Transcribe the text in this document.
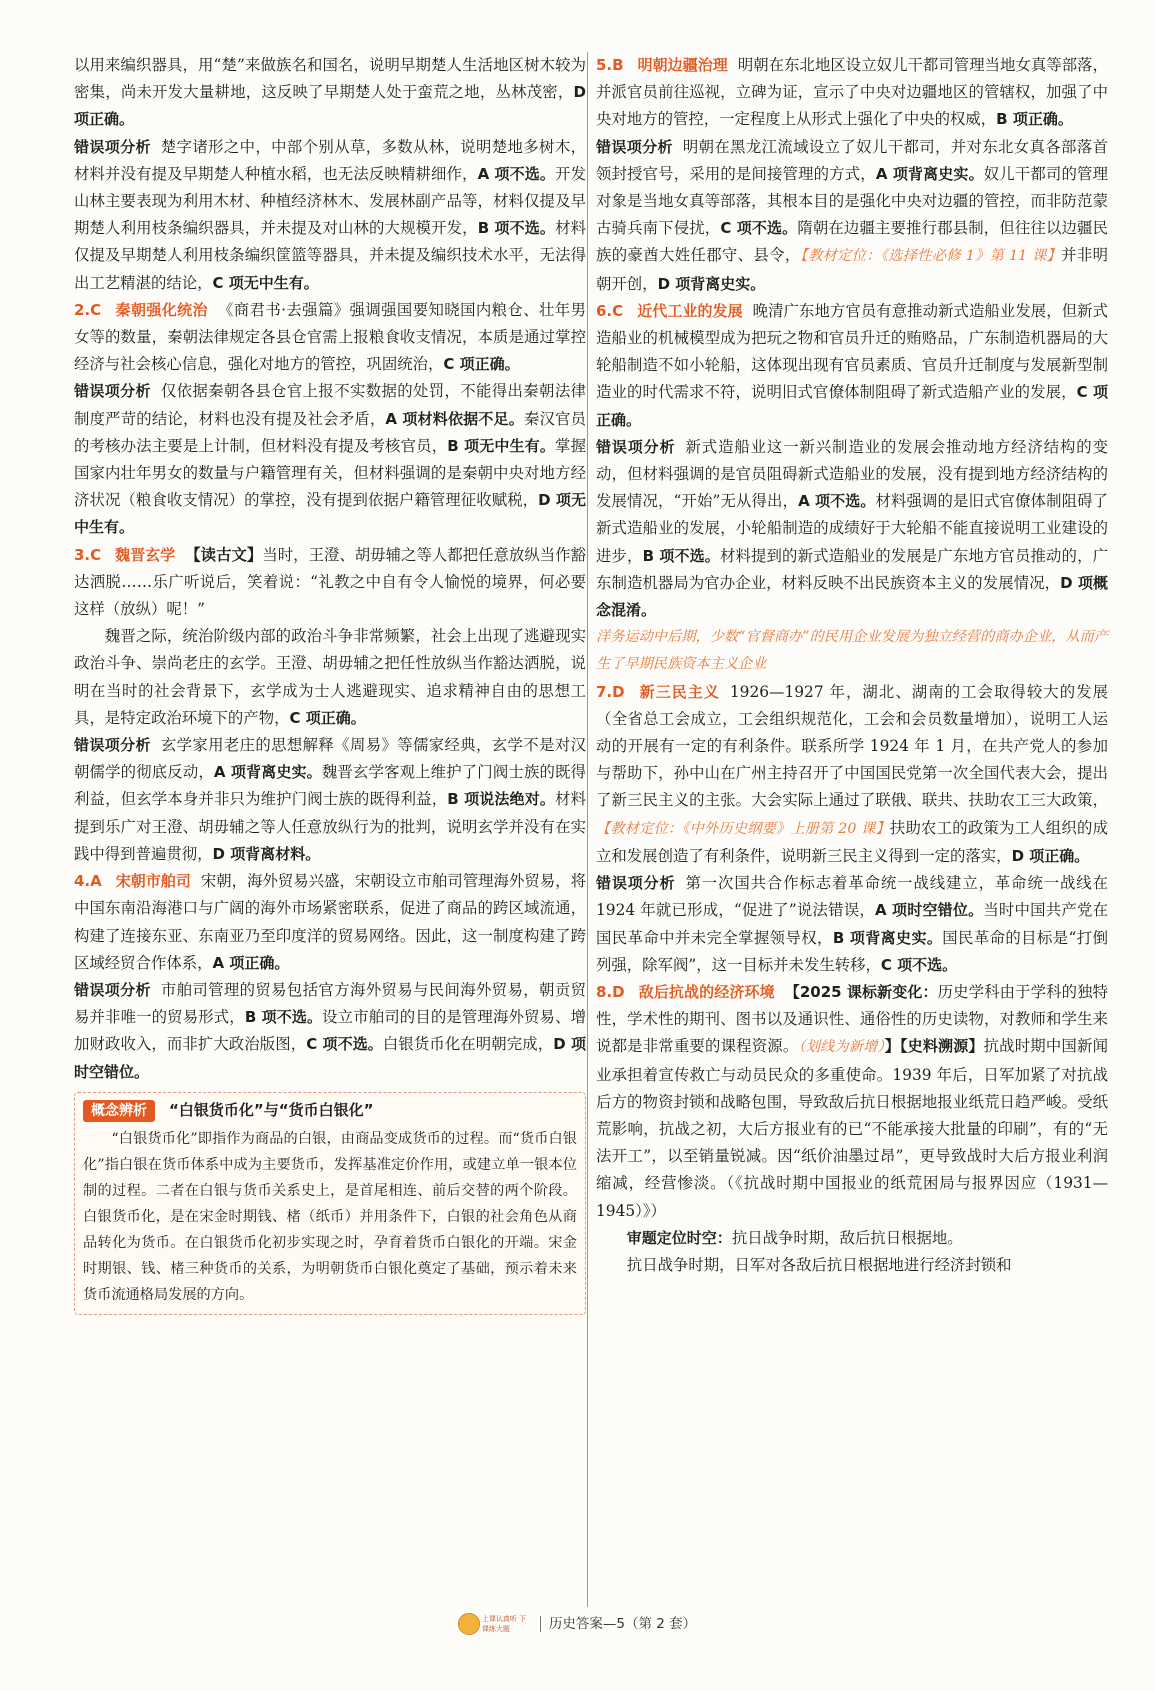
以用来编织器具，用“楚”来做族名和国名，说明早期楚人生活地区树木较为密集，尚未开发大量耕地，这反映了早期楚人处于蛮荒之地，丛林茂密，D 项正确。

错误项分析 楚字诸形之中，中部个别从草，多数从林，说明楚地多树木，材料并没有提及早期楚人种植水稻，也无法反映精耕细作，A 项不选。开发山林主要表现为利用木材、种植经济林木、发展林副产品等，材料仅提及早期楚人利用枝条编织器具，并未提及对山林的大规模开发，B 项不选。材料仅提及早期楚人利用枝条编织筐篮等器具，并未提及编织技术水平，无法得出工艺精湛的结论，C 项无中生有。

2.C 秦朝强化统治 《商君书·去强篇》强调强国要知晓国内粮仓、壮年男女等的数量，秦朝法律规定各县仓官需上报粮食收支情况，本质是通过掌控经济与社会核心信息，强化对地方的管控，巩固统治，C 项正确。

错误项分析 仅依据秦朝各县仓官上报不实数据的处罚，不能得出秦朝法律制度严苛的结论，材料也没有提及社会矛盾，A 项材料依据不足。秦汉官员的考核办法主要是上计制，但材料没有提及考核官员，B 项无中生有。掌握国家内壮年男女的数量与户籍管理有关，但材料强调的是秦朝中央对地方经济状况（粮食收支情况）的掌控，没有提到依据户籍管理征收赋税，D 项无中生有。

3.C 魏晋玄学 【读古文】当时，王澄、胡毋辅之等人都把任意放纵当作豁达洒脱……乐广听说后，笑着说：“礼教之中自有令人愉悦的境界，何必要这样（放纵）呢！”

魏晋之际，统治阶级内部的政治斗争非常频繁，社会上出现了逃避现实政治斗争、崇尚老庄的玄学。王澄、胡毋辅之把任性放纵当作豁达洒脱，说明在当时的社会背景下，玄学成为士人逃避现实、追求精神自由的思想工具，是特定政治环境下的产物，C 项正确。

错误项分析 玄学家用老庄的思想解释《周易》等儒家经典，玄学不是对汉朝儒学的彻底反动，A 项背离史实。魏晋玄学客观上维护了门阀士族的既得利益，但玄学本身并非只为维护门阀士族的既得利益，B 项说法绝对。材料提到乐广对王澄、胡毋辅之等人任意放纵行为的批判，说明玄学并没有在实践中得到普遍贯彻，D 项背离材料。

4.A 宋朝市舶司 宋朝，海外贸易兴盛，宋朝设立市舶司管理海外贸易，将中国东南沿海港口与广阔的海外市场紧密联系，促进了商品的跨区域流通，构建了连接东亚、东南亚乃至印度洋的贸易网络。因此，这一制度构建了跨区域经贸合作体系，A 项正确。

错误项分析 市舶司管理的贸易包括官方海外贸易与民间海外贸易，朝贡贸易并非唯一的贸易形式，B 项不选。设立市舶司的目的是管理海外贸易、增加财政收入，而非扩大政治版图，C 项不选。白银货币化在明朝完成，D 项时空错位。

概念辨析 “白银货币化”与“货币白银化”

“白银货币化”即指作为商品的白银，由商品变成货币的过程。而“货币白银化”指白银在货币体系中成为主要货币，发挥基准定价作用，或建立单一银本位制的过程。二者在白银与货币关系史上，是首尾相连、前后交替的两个阶段。白银货币化，是在宋金时期钱、楮（纸币）并用条件下，白银的社会角色从商品转化为货币。在白银货币化初步实现之时，孕育着货币白银化的开端。宋金时期银、钱、楮三种货币的关系，为明朝货币白银化奠定了基础，预示着未来货币流通格局发展的方向。

5.B 明朝边疆治理 明朝在东北地区设立奴儿干都司管理当地女真等部落，并派官员前往巡视，立碑为证，宣示了中央对边疆地区的管辖权，加强了中央对地方的管控，一定程度上从形式上强化了中央的权威，B 项正确。

错误项分析 明朝在黑龙江流域设立了奴儿干都司，并对东北女真各部落首领封授官号，采用的是间接管理的方式，A 项背离史实。奴儿干都司的管理对象是当地女真等部落，其根本目的是强化中央对边疆的管控，而非防范蒙古骑兵南下侵扰，C 项不选。隋朝在边疆主要推行郡县制，但往往以边疆民族的豪酋大姓任郡守、县令，【教材定位：《选择性必修 1》第 11 课】并非明朝开创，D 项背离史实。

6.C 近代工业的发展 晚清广东地方官员有意推动新式造船业发展，但新式造船业的机械模型成为把玩之物和官员升迁的贿赂品，广东制造机器局的大轮船制造不如小轮船，这体现出现有官员素质、官员升迁制度与发展新型制造业的时代需求不符，说明旧式官僚体制阻碍了新式造船产业的发展，C 项正确。

错误项分析 新式造船业这一新兴制造业的发展会推动地方经济结构的变动，但材料强调的是官员阻碍新式造船业的发展，没有提到地方经济结构的发展情况，“开始”无从得出，A 项不选。材料强调的是旧式官僚体制阻碍了新式造船业的发展，小轮船制造的成绩好于大轮船不能直接说明工业建设的进步，B 项不选。材料提到的新式造船业的发展是广东地方官员推动的，广东制造机器局为官办企业，材料反映不出民族资本主义的发展情况，D 项概念混淆。

洋务运动中后期，少数“官督商办”的民用企业发展为独立经营的商办企业，从而产生了早期民族资本主义企业

7.D 新三民主义 1926—1927 年，湖北、湖南的工会取得较大的发展（全省总工会成立，工会组织规范化，工会和会员数量增加），说明工人运动的开展有一定的有利条件。联系所学 1924 年 1 月，在共产党人的参加与帮助下，孙中山在广州主持召开了中国国民党第一次全国代表大会，提出了新三民主义的主张。大会实际上通过了联俄、联共、扶助农工三大政策，【教材定位：《中外历史纲要》上册第 20 课】扶助农工的政策为工人组织的成立和发展创造了有利条件，说明新三民主义得到一定的落实，D 项正确。

错误项分析 第一次国共合作标志着革命统一战线建立，革命统一战线在 1924 年就已形成，“促进了”说法错误，A 项时空错位。当时中国共产党在国民革命中并未完全掌握领导权，B 项背离史实。国民革命的目标是“打倒列强，除军阀”，这一目标并未发生转移，C 项不选。

8.D 敌后抗战的经济环境 【2025 课标新变化：历史学科由于学科的独特性，学术性的期刊、图书以及通识性、通俗性的历史读物，对教师和学生来说都是非常重要的课程资源。（划线为新增）】【史料溯源】抗战时期中国新闻业承担着宣传救亡与动员民众的多重使命。1939 年后，日军加紧了对抗战后方的物资封锁和战略包围，导致敌后抗日根据地报业纸荒日趋严峻。受纸荒影响，抗战之初，大后方报业有的已“不能承接大批量的印刷”，有的“无法开工”，以至销量锐减。因“纸价油墨过昂”，更导致战时大后方报业利润缩减，经营惨淡。（《抗战时期中国报业的纸荒困局与报界因应（1931—1945）》）

审题定位时空：抗日战争时期，敌后抗日根据地。

抗日战争时期，日军对各敌后抗日根据地进行经济封锁和

上课认真听 下课练大题	历史答案—5（第 2 套）
